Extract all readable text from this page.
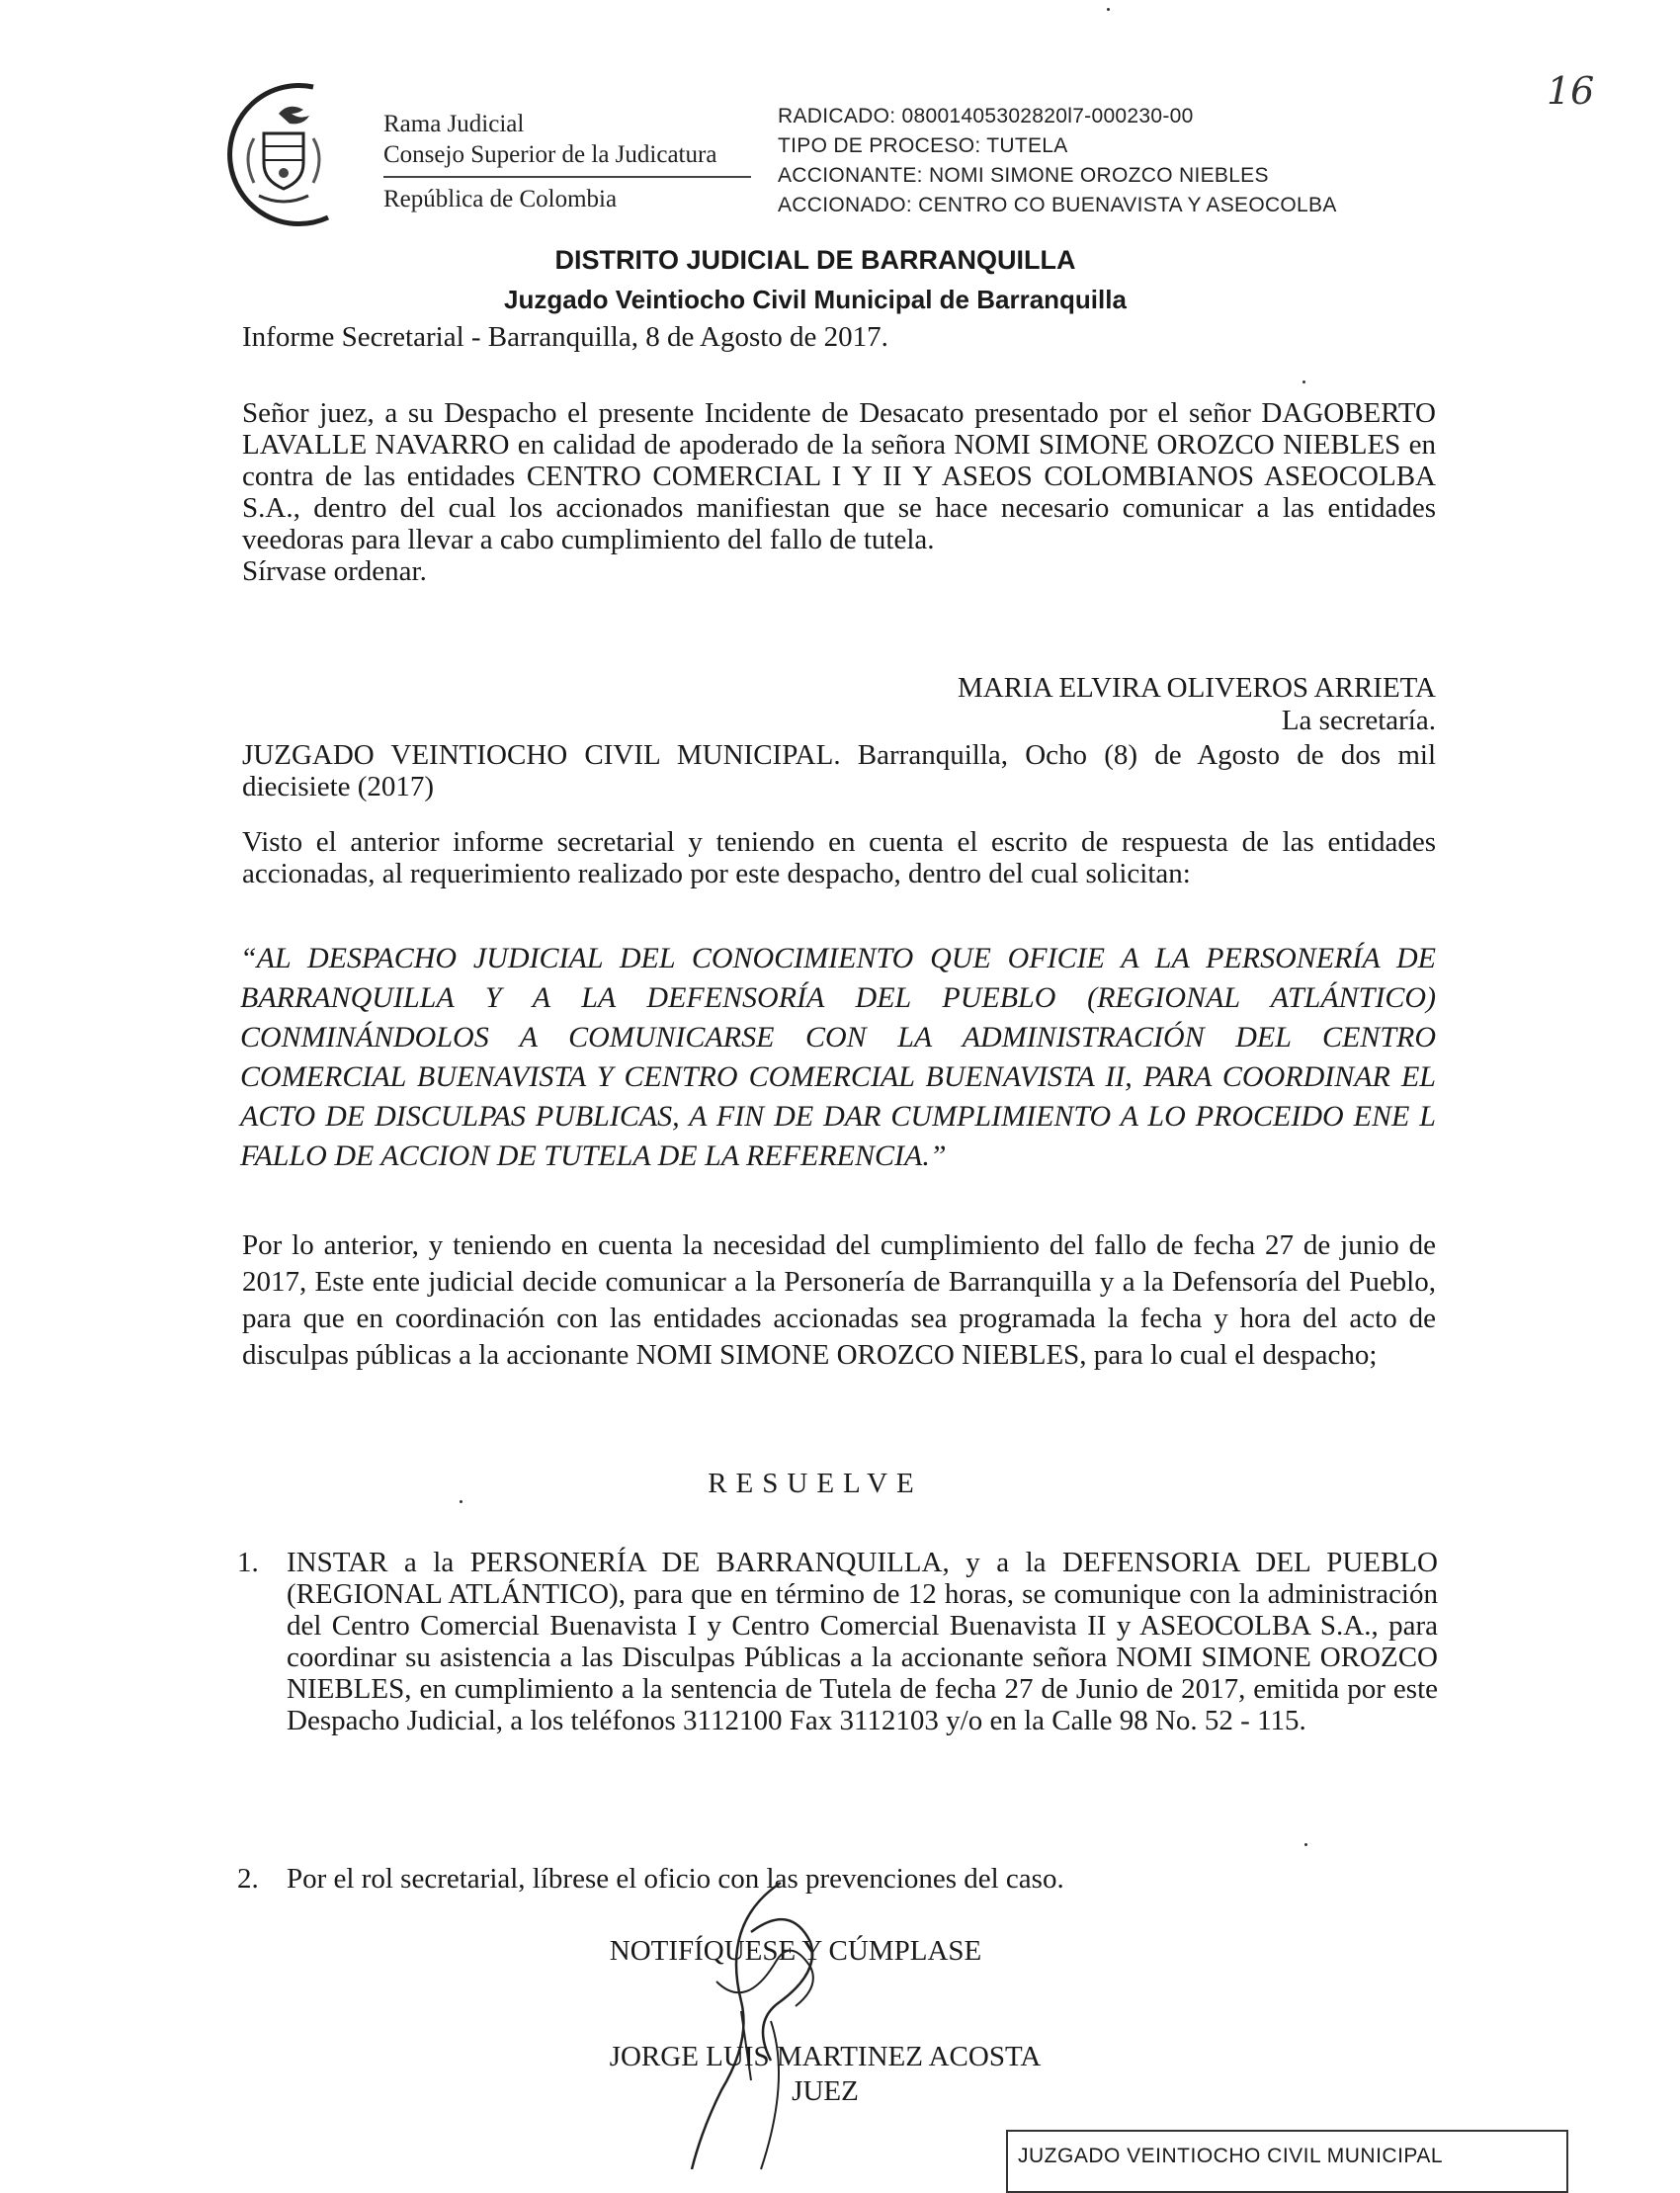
16
Rama Judicial
Consejo Superior de la Judicatura
República de Colombia
RADICADO: 08001405302820l7-000230-00
TIPO DE PROCESO: TUTELA
ACCIONANTE: NOMI SIMONE OROZCO NIEBLES
ACCIONADO: CENTRO CO BUENAVISTA Y ASEOCOLBA
DISTRITO JUDICIAL DE BARRANQUILLA
Juzgado Veintiocho Civil Municipal de Barranquilla
Informe Secretarial - Barranquilla, 8 de Agosto de 2017.
Señor juez, a su Despacho el presente Incidente de Desacato presentado por el señor DAGOBERTO LAVALLE NAVARRO en calidad de apoderado de la señora NOMI SIMONE OROZCO NIEBLES en contra de las entidades CENTRO COMERCIAL I Y II Y ASEOS COLOMBIANOS ASEOCOLBA S.A., dentro del cual los accionados manifiestan que se hace necesario comunicar a las entidades veedoras para llevar a cabo cumplimiento del fallo de tutela.
Sírvase ordenar.
MARIA ELVIRA OLIVEROS ARRIETA
La secretaría.
JUZGADO VEINTIOCHO CIVIL MUNICIPAL. Barranquilla, Ocho (8) de Agosto de dos mil diecisiete (2017)
Visto el anterior informe secretarial y teniendo en cuenta el escrito de respuesta de las entidades accionadas, al requerimiento realizado por este despacho, dentro del cual solicitan:
“AL DESPACHO JUDICIAL DEL CONOCIMIENTO QUE OFICIE A LA PERSONERÍA DE BARRANQUILLA Y A LA DEFENSORÍA DEL PUEBLO (REGIONAL ATLÁNTICO) CONMINÁNDOLOS A COMUNICARSE CON LA ADMINISTRACIÓN DEL CENTRO COMERCIAL BUENAVISTA Y CENTRO COMERCIAL BUENAVISTA II, PARA COORDINAR EL ACTO DE DISCULPAS PUBLICAS, A FIN DE DAR CUMPLIMIENTO A LO PROCEIDO ENE L FALLO DE ACCION DE TUTELA DE LA REFERENCIA.”
Por lo anterior, y teniendo en cuenta la necesidad del cumplimiento del fallo de fecha 27 de junio de 2017, Este ente judicial decide comunicar a la Personería de Barranquilla y a la Defensoría del Pueblo, para que en coordinación con las entidades accionadas sea programada la fecha y hora del acto de disculpas públicas a la accionante NOMI SIMONE OROZCO NIEBLES, para lo cual el despacho;
RESUELVE
1. INSTAR a la PERSONERÍA DE BARRANQUILLA, y a la DEFENSORIA DEL PUEBLO (REGIONAL ATLÁNTICO), para que en término de 12 horas, se comunique con la administración del Centro Comercial Buenavista I y Centro Comercial Buenavista II y ASEOCOLBA S.A., para coordinar su asistencia a las Disculpas Públicas a la accionante señora NOMI SIMONE OROZCO NIEBLES, en cumplimiento a la sentencia de Tutela de fecha 27 de Junio de 2017, emitida por este Despacho Judicial, a los teléfonos 3112100 Fax 3112103 y/o en la Calle 98 No. 52 - 115.
2. Por el rol secretarial, líbrese el oficio con las prevenciones del caso.
NOTIFÍQUESE Y CÚMPLASE
JORGE LUIS MARTINEZ ACOSTA
JUEZ
JUZGADO VEINTIOCHO CIVIL MUNICIPAL
